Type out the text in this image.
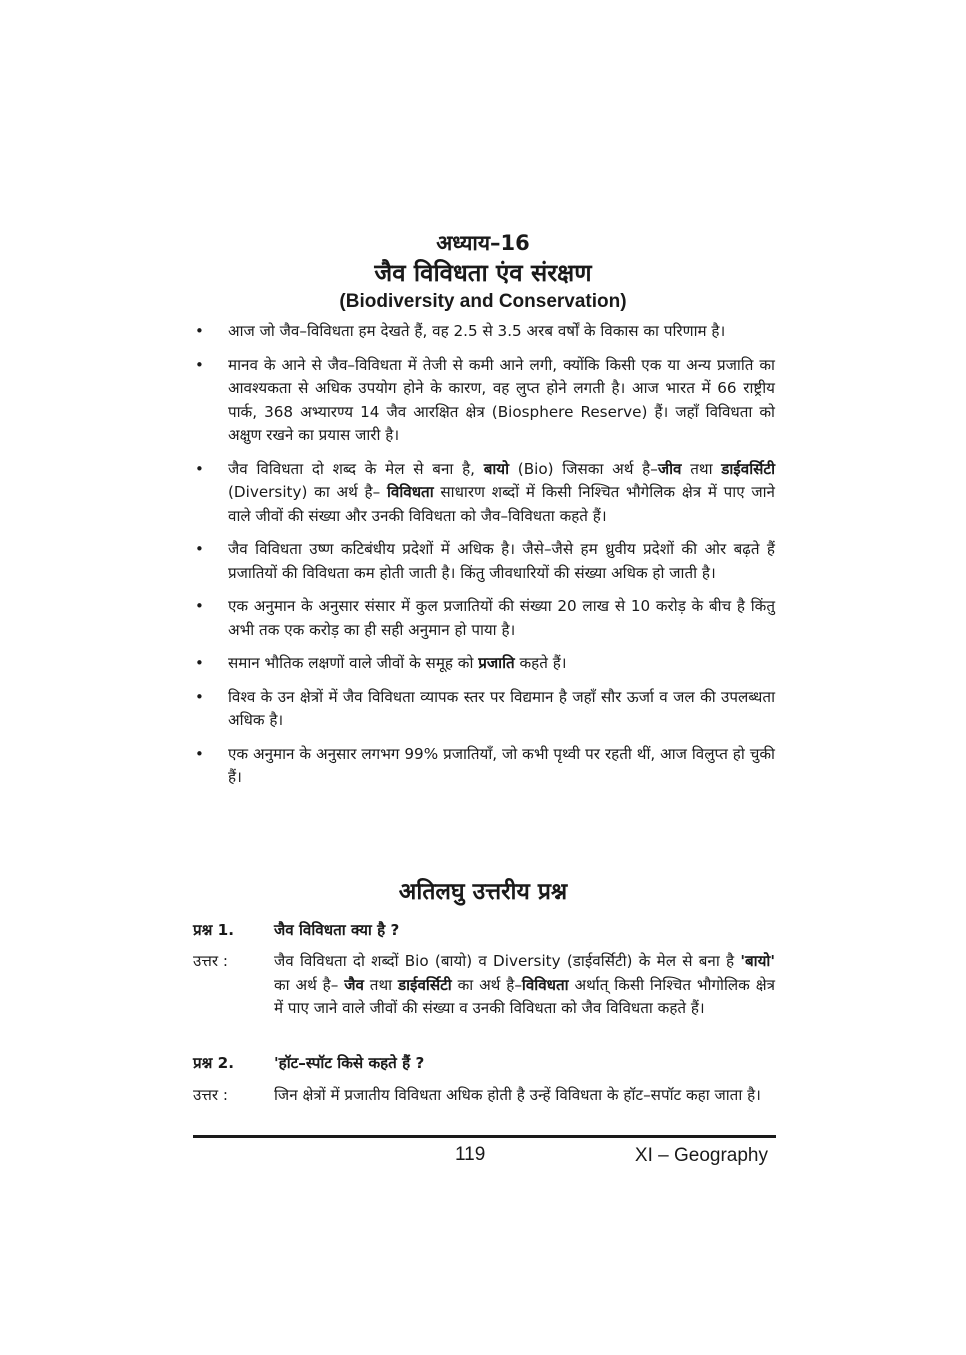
अध्याय–16
जैव विविधता एंव संरक्षण
(Biodiversity and Conservation)
• आज जो जैव–विविधता हम देखते हैं, वह 2.5 से 3.5 अरब वर्षों के विकास का परिणाम है।
• मानव के आने से जैव–विविधता में तेजी से कमी आने लगी, क्योंकि किसी एक या अन्य प्रजाति का आवश्यकता से अधिक उपयोग होने के कारण, वह लुप्त होने लगती है। आज भारत में 66 राष्ट्रीय पार्क, 368 अभ्यारण्य 14 जैव आरक्षित क्षेत्र (Biosphere Reserve) हैं। जहाँ विविधता को अक्षुण रखने का प्रयास जारी है।
• जैव विविधता दो शब्द के मेल से बना है, बायो (Bio) जिसका अर्थ है–जीव तथा डाईवर्सिटी (Diversity) का अर्थ है– विविधता साधारण शब्दों में किसी निश्चित भौगेलिक क्षेत्र में पाए जाने वाले जीवों की संख्या और उनकी विविधता को जैव–विविधता कहते हैं।
• जैव विविधता उष्ण कटिबंधीय प्रदेशों में अधिक है। जैसे–जैसे हम ध्रुवीय प्रदेशों की ओर बढ़ते हैं प्रजातियों की विविधता कम होती जाती है। किंतु जीवधारियों की संख्या अधिक हो जाती है।
• एक अनुमान के अनुसार संसार में कुल प्रजातियों की संख्या 20 लाख से 10 करोड़ के बीच है किंतु अभी तक एक करोड़ का ही सही अनुमान हो पाया है।
• समान भौतिक लक्षणों वाले जीवों के समूह को प्रजाति कहते हैं।
• विश्व के उन क्षेत्रों में जैव विविधता व्यापक स्तर पर विद्यमान है जहाँ सौर ऊर्जा व जल की उपलब्धता अधिक है।
• एक अनुमान के अनुसार लगभग 99% प्रजातियाँ, जो कभी पृथ्वी पर रहती थीं, आज विलुप्त हो चुकी हैं।
अतिलघु उत्तरीय प्रश्न
प्रश्न 1.	जैव विविधता क्या है ?
उत्तर :	जैव विविधता दो शब्दों Bio (बायो) व Diversity (डाईवर्सिटी) के मेल से बना है 'बायो' का अर्थ है– जैव तथा डाईवर्सिटी का अर्थ है–विविधता अर्थात् किसी निश्चित भौगोलिक क्षेत्र में पाए जाने वाले जीवों की संख्या व उनकी विविधता को जैव विविधता कहते हैं।
प्रश्न 2.	'हॉट–स्पॉट किसे कहते हैं ?
उत्तर :	जिन क्षेत्रों में प्रजातीय विविधता अधिक होती है उन्हें विविधता के हॉट–सपॉट कहा जाता है।
119	XI – Geography
